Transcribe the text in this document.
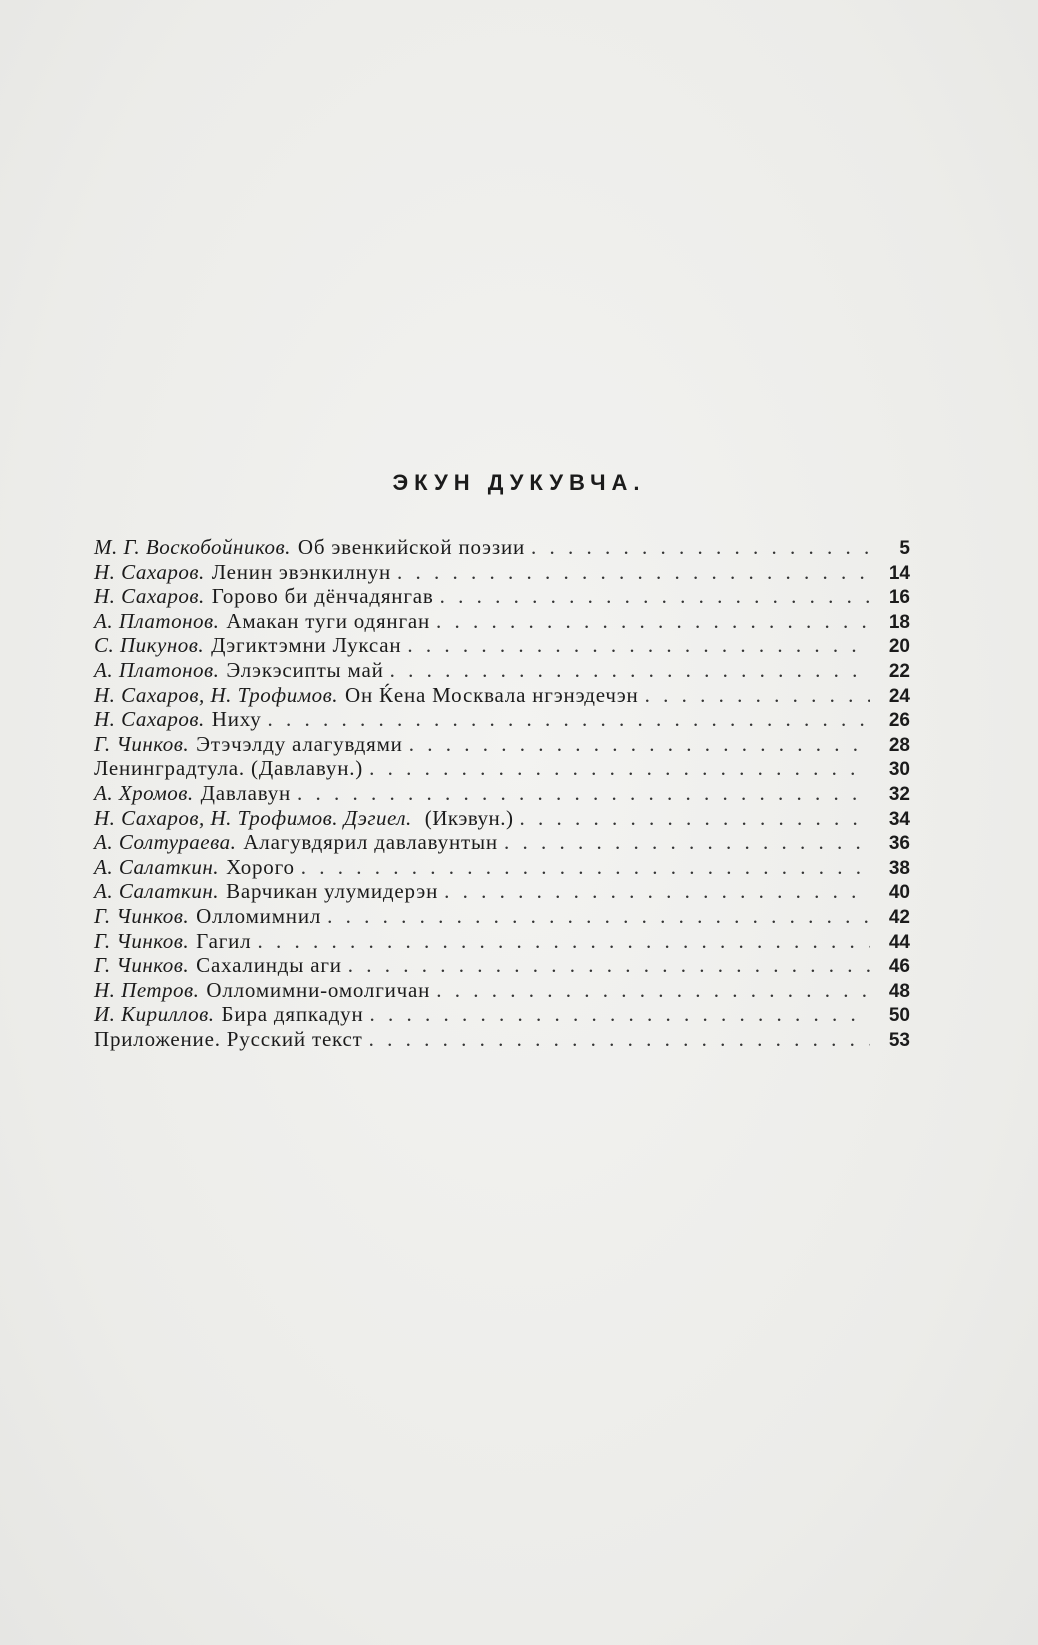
ЭКУН ДУКУВЧА.
М. Г. Воскобойников. Об эвенкийской поэзии . . .	5
Н. Сахаров. Ленин эвэнкилнун . . .	14
Н. Сахаров. Горово би дёнчадянгав . . .	16
А. Платонов. Амакан туги одянган . . .	18
С. Пикунов. Дэгиктэмни Луксан . . .	20
А. Платонов. Элэкэсипты май . . .	22
Н. Сахаров, Н. Трофимов. Он Ќена Москвала нгэнэдечэн . . .	24
Н. Сахаров. Ниху . . .	26
Г. Чинков. Этэчэлду алагувдями . . .	28
Ленинградтула. (Давлавун.) . . .	30
А. Хромов. Давлавун . . .	32
Н. Сахаров, Н. Трофимов. Дэгиел. (Икэвун.) . . .	34
А. Солтураева. Алагувдярил давлавунтын . . .	36
А. Салаткин. Хорого . . .	38
А. Салаткин. Варчикан улумидерэн . . .	40
Г. Чинков. Олломимнил . . .	42
Г. Чинков. Гагил . . .	44
Г. Чинков. Сахалинды аги . . .	46
Н. Петров. Олломимни-омолгичан . . .	48
И. Кириллов. Бира дяпкадун . . .	50
Приложение. Русский текст . . .	53
